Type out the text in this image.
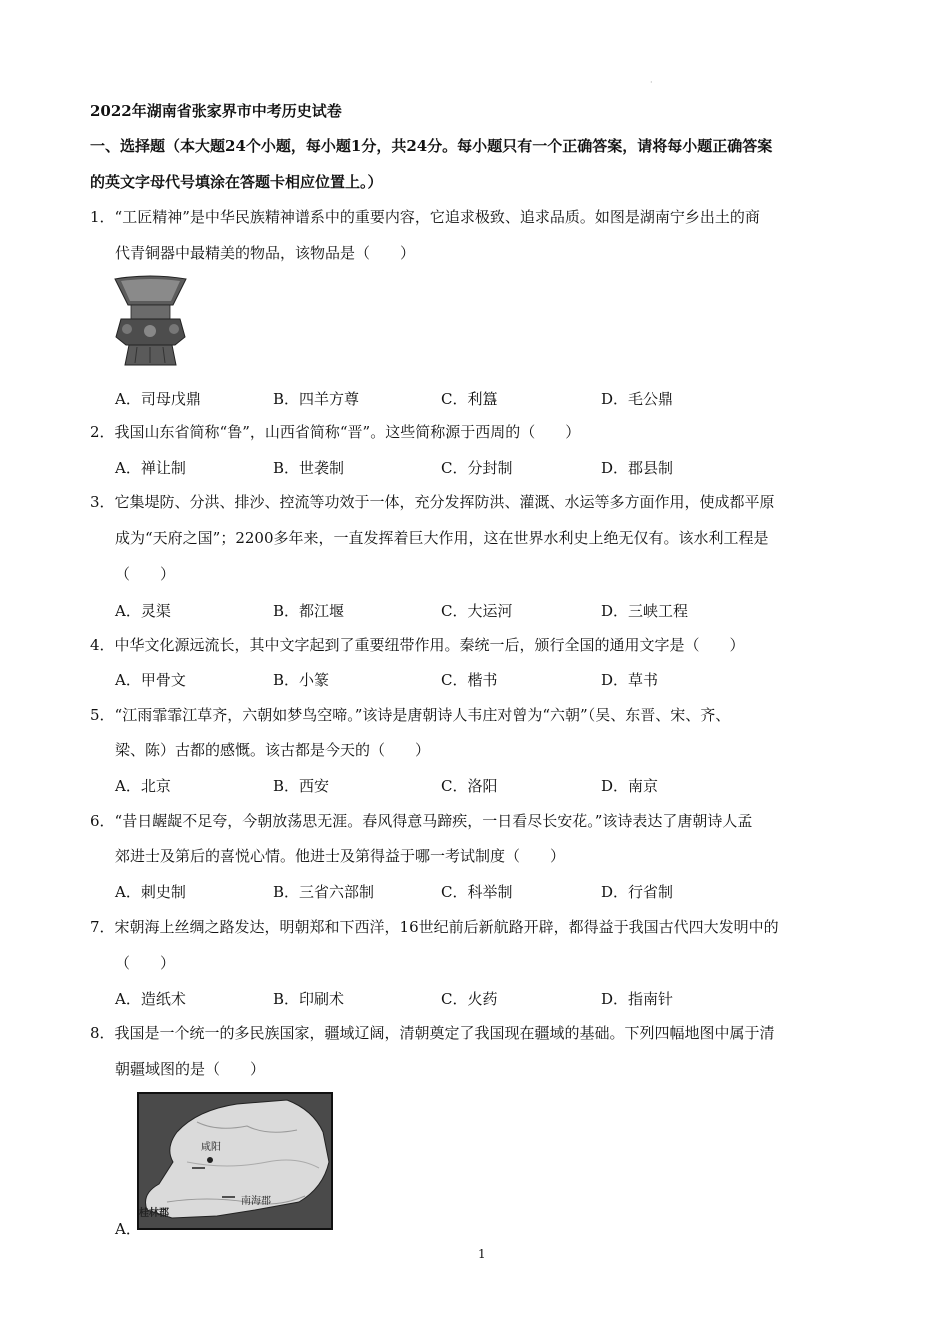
·
2022年湖南省张家界市中考历史试卷
一、选择题（本大题24个小题，每小题1分，共24分。每小题只有一个正确答案，请将每小题正确答案
的英文字母代号填涂在答题卡相应位置上。）
1．“工匠精神”是中华民族精神谱系中的重要内容，它追求极致、追求品质。如图是湖南宁乡出土的商
代青铜器中最精美的物品，该物品是（　　）
A．司母戊鼎	B．四羊方尊	C．利簋	D．毛公鼎
2．我国山东省简称“鲁”，山西省简称“晋”。这些简称源于西周的（　　）
A．禅让制	B．世袭制	C．分封制	D．郡县制
3．它集堤防、分洪、排沙、控流等功效于一体，充分发挥防洪、灌溉、水运等多方面作用，使成都平原
成为“天府之国”；2200多年来，一直发挥着巨大作用，这在世界水利史上绝无仅有。该水利工程是
（　　）
A．灵渠	B．都江堰	C．大运河	D．三峡工程
4．中华文化源远流长，其中文字起到了重要纽带作用。秦统一后，颁行全国的通用文字是（　　）
A．甲骨文	B．小篆	C．楷书	D．草书
5．“江雨霏霏江草齐，六朝如梦鸟空啼。”该诗是唐朝诗人韦庄对曾为“六朝”（吴、东晋、宋、齐、
梁、陈）古都的感慨。该古都是今天的（　　）
A．北京	B．西安	C．洛阳	D．南京
6．“昔日龌龊不足夸，今朝放荡思无涯。春风得意马蹄疾，一日看尽长安花。”该诗表达了唐朝诗人孟
郊进士及第后的喜悦心情。他进士及第得益于哪一考试制度（　　）
A．刺史制	B．三省六部制	C．科举制	D．行省制
7．宋朝海上丝绸之路发达，明朝郑和下西洋，16世纪前后新航路开辟，都得益于我国古代四大发明中的
（　　）
A．造纸术	B．印刷术	C．火药	D．指南针
8．我国是一个统一的多民族国家，疆域辽阔，清朝奠定了我国现在疆域的基础。下列四幅地图中属于清
朝疆域图的是（　　）
咸阳
南海郡
桂林郡
A．
1
